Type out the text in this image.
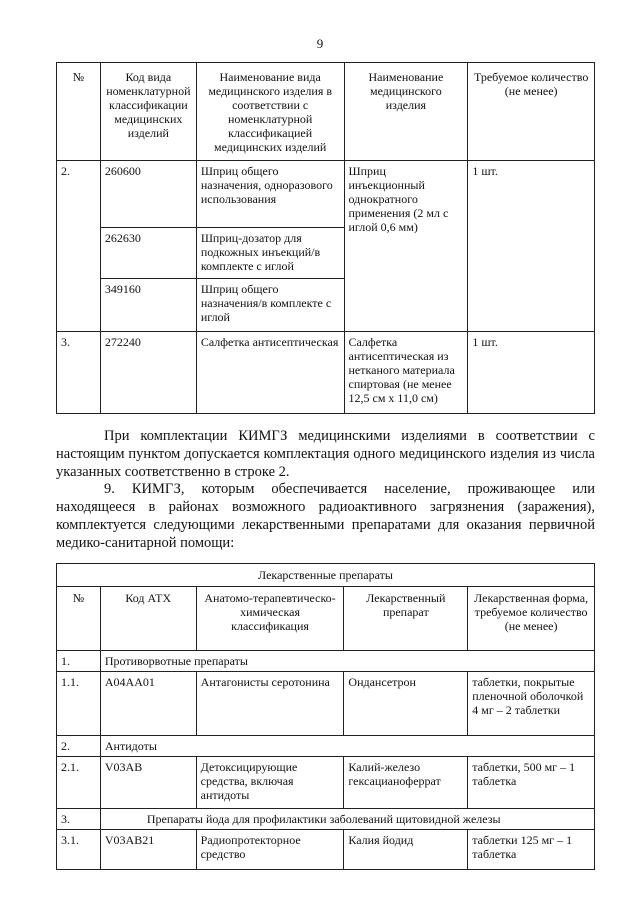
9
№	Код вида номенклатурной классификации медицинских изделий	Наименование вида медицинского изделия в соответствии с номенклатурной классификацией медицинских изделий	Наименование медицинского изделия	Требуемое количество (не менее)
2.	260600	Шприц общего назначения, одноразового использования	Шприц инъекционный однократного применения (2 мл с иглой 0,6 мм)	1 шт.
	262630	Шприц-дозатор для подкожных инъекций/в комплекте с иглой		
	349160	Шприц общего назначения/в комплекте с иглой		
3.	272240	Салфетка антисептическая	Салфетка антисептическая из нетканого материала спиртовая (не менее 12,5 см х 11,0 см)	1 шт.

При комплектации КИМГЗ медицинскими изделиями в соответствии с настоящим пунктом допускается комплектация одного медицинского изделия из числа указанных соответственно в строке 2.

9. КИМГЗ, которым обеспечивается население, проживающее или находящееся в районах возможного радиоактивного загрязнения (заражения), комплектуется следующими лекарственными препаратами для оказания первичной медико-санитарной помощи:

Лекарственные препараты				
№	Код АТХ	Анатомо-терапевтическо-химическая классификация	Лекарственный препарат	Лекарственная форма, требуемое количество (не менее)
1.	Противорвотные препараты			
1.1.	A04AA01	Антагонисты серотонина	Ондансетрон	таблетки, покрытые пленочной оболочкой 4 мг – 2 таблетки
2.	Антидоты			
2.1.	V03AB	Детоксицирующие средства, включая антидоты	Калий-железо гексацианоферрат	таблетки, 500 мг – 1 таблетка
3.	Препараты йода для профилактики заболеваний щитовидной железы			
3.1.	V03AB21	Радиопротекторное средство	Калия йодид	таблетки 125 мг – 1 таблетка
